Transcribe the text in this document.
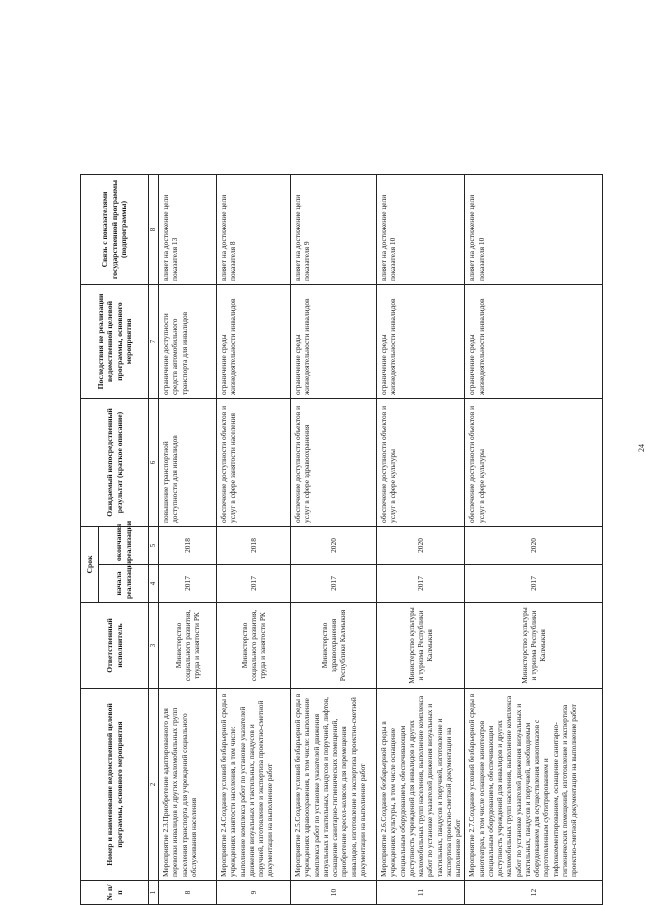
№ п/п	Номер и наименование ведомственной целевой программы, основного мероприятия	Ответственный исполнитель	Срок		Ожидаемый непосредственный результат (краткое описание)	Последствия не реализации ведомственной целевой программы, основного мероприятия	Связь с показателями государственной программы (подпрограммы)
			начала реализации	окончания реализации			
1	2	3	4	5	6	7	8
8	Мероприятие 2.3.Приобретение адаптированного для перевозки инвалидов и других маломобильных групп населения транспорта для учреждений социального обслуживания населения	Министерство социального развития, труда и занятости РК	2017	2018	повышение транспортной доступности для инвалидов	ограничение доступности средств автомобильного транспорта для инвалидов	влияет на достижение цели показателя 13
9	Мероприятие 2.4.Создание условий безбарьерной среды в учреждениях занятости населения, в том числе: выполнение комплекса работ по установке указателей движения визуальных и тактильных, пандусов и поручней, изготовление и экспертиза проектно-сметной документации на выполнение работ	Министерство социального развития, труда и занятости РК	2017	2018	обеспечение доступности объектов и услуг в сфере занятости населения	ограничение среды жизнедеятельности инвалидов	влияет на достижение цели показателя 8
10	Мероприятие 2.5.Создание условий безбарьерной среды в учреждениях здравоохранения, в том числе: выполнение комплекса работ по установке указателей движения визуальных и тактильных, пандусов и поручней, лифтов, оснащение санитарно-гигиенических помещений, приобретение кресел-колясок для перемещения инвалидов, изготовление и экспертиза проектно-сметной документации на выполнение работ	Министерство здравоохранения Республики Калмыкия	2017	2020	обеспечение доступности объектов и услуг в сфере здравоохранения	ограничение среды жизнедеятельности инвалидов	влияет на достижение цели показателя 9
11	Мероприятие 2.6.Создание безбарьерной среды в учреждениях культуры, в том числе оснащение специальным оборудованием, обеспечивающим доступность учреждений для инвалидов и других маломобильных групп населения, выполнение комплекса работ по установке указателей движения визуальных и тактильных, пандусов и поручней, изготовление и экспертиза проектно-сметной документации на выполнение работ	Министерство культуры и туризма Республики Калмыкия	2017	2020	обеспечение доступности объектов и услуг в сфере культуры	ограничение среды жизнедеятельности инвалидов	влияет на достижение цели показателя 10
12	Мероприятие 2.7.Создание условий безбарьерной среды в кинотеатрах, в том числе оснащение кинотеатров специальным оборудованием, обеспечивающим доступность учреждений для инвалидов и других маломобильных групп населения, выполнение комплекса работ по установке указателей движения визуальных и тактильных, пандусов и поручней, необходимым оборудованием для осуществления кинопоказов с подготовленным субтитрированием и тифлокомментированием, оснащение санитарно-гигиенических помещений, изготовление и экспертиза проектно-сметной документации на выполнение работ	Министерство культуры и туризма Республики Калмыкия	2017	2020	обеспечение доступности объектов и услуг в сфере культуры	ограничение среды жизнедеятельности инвалидов	влияет на достижение цели показателя 10
24
